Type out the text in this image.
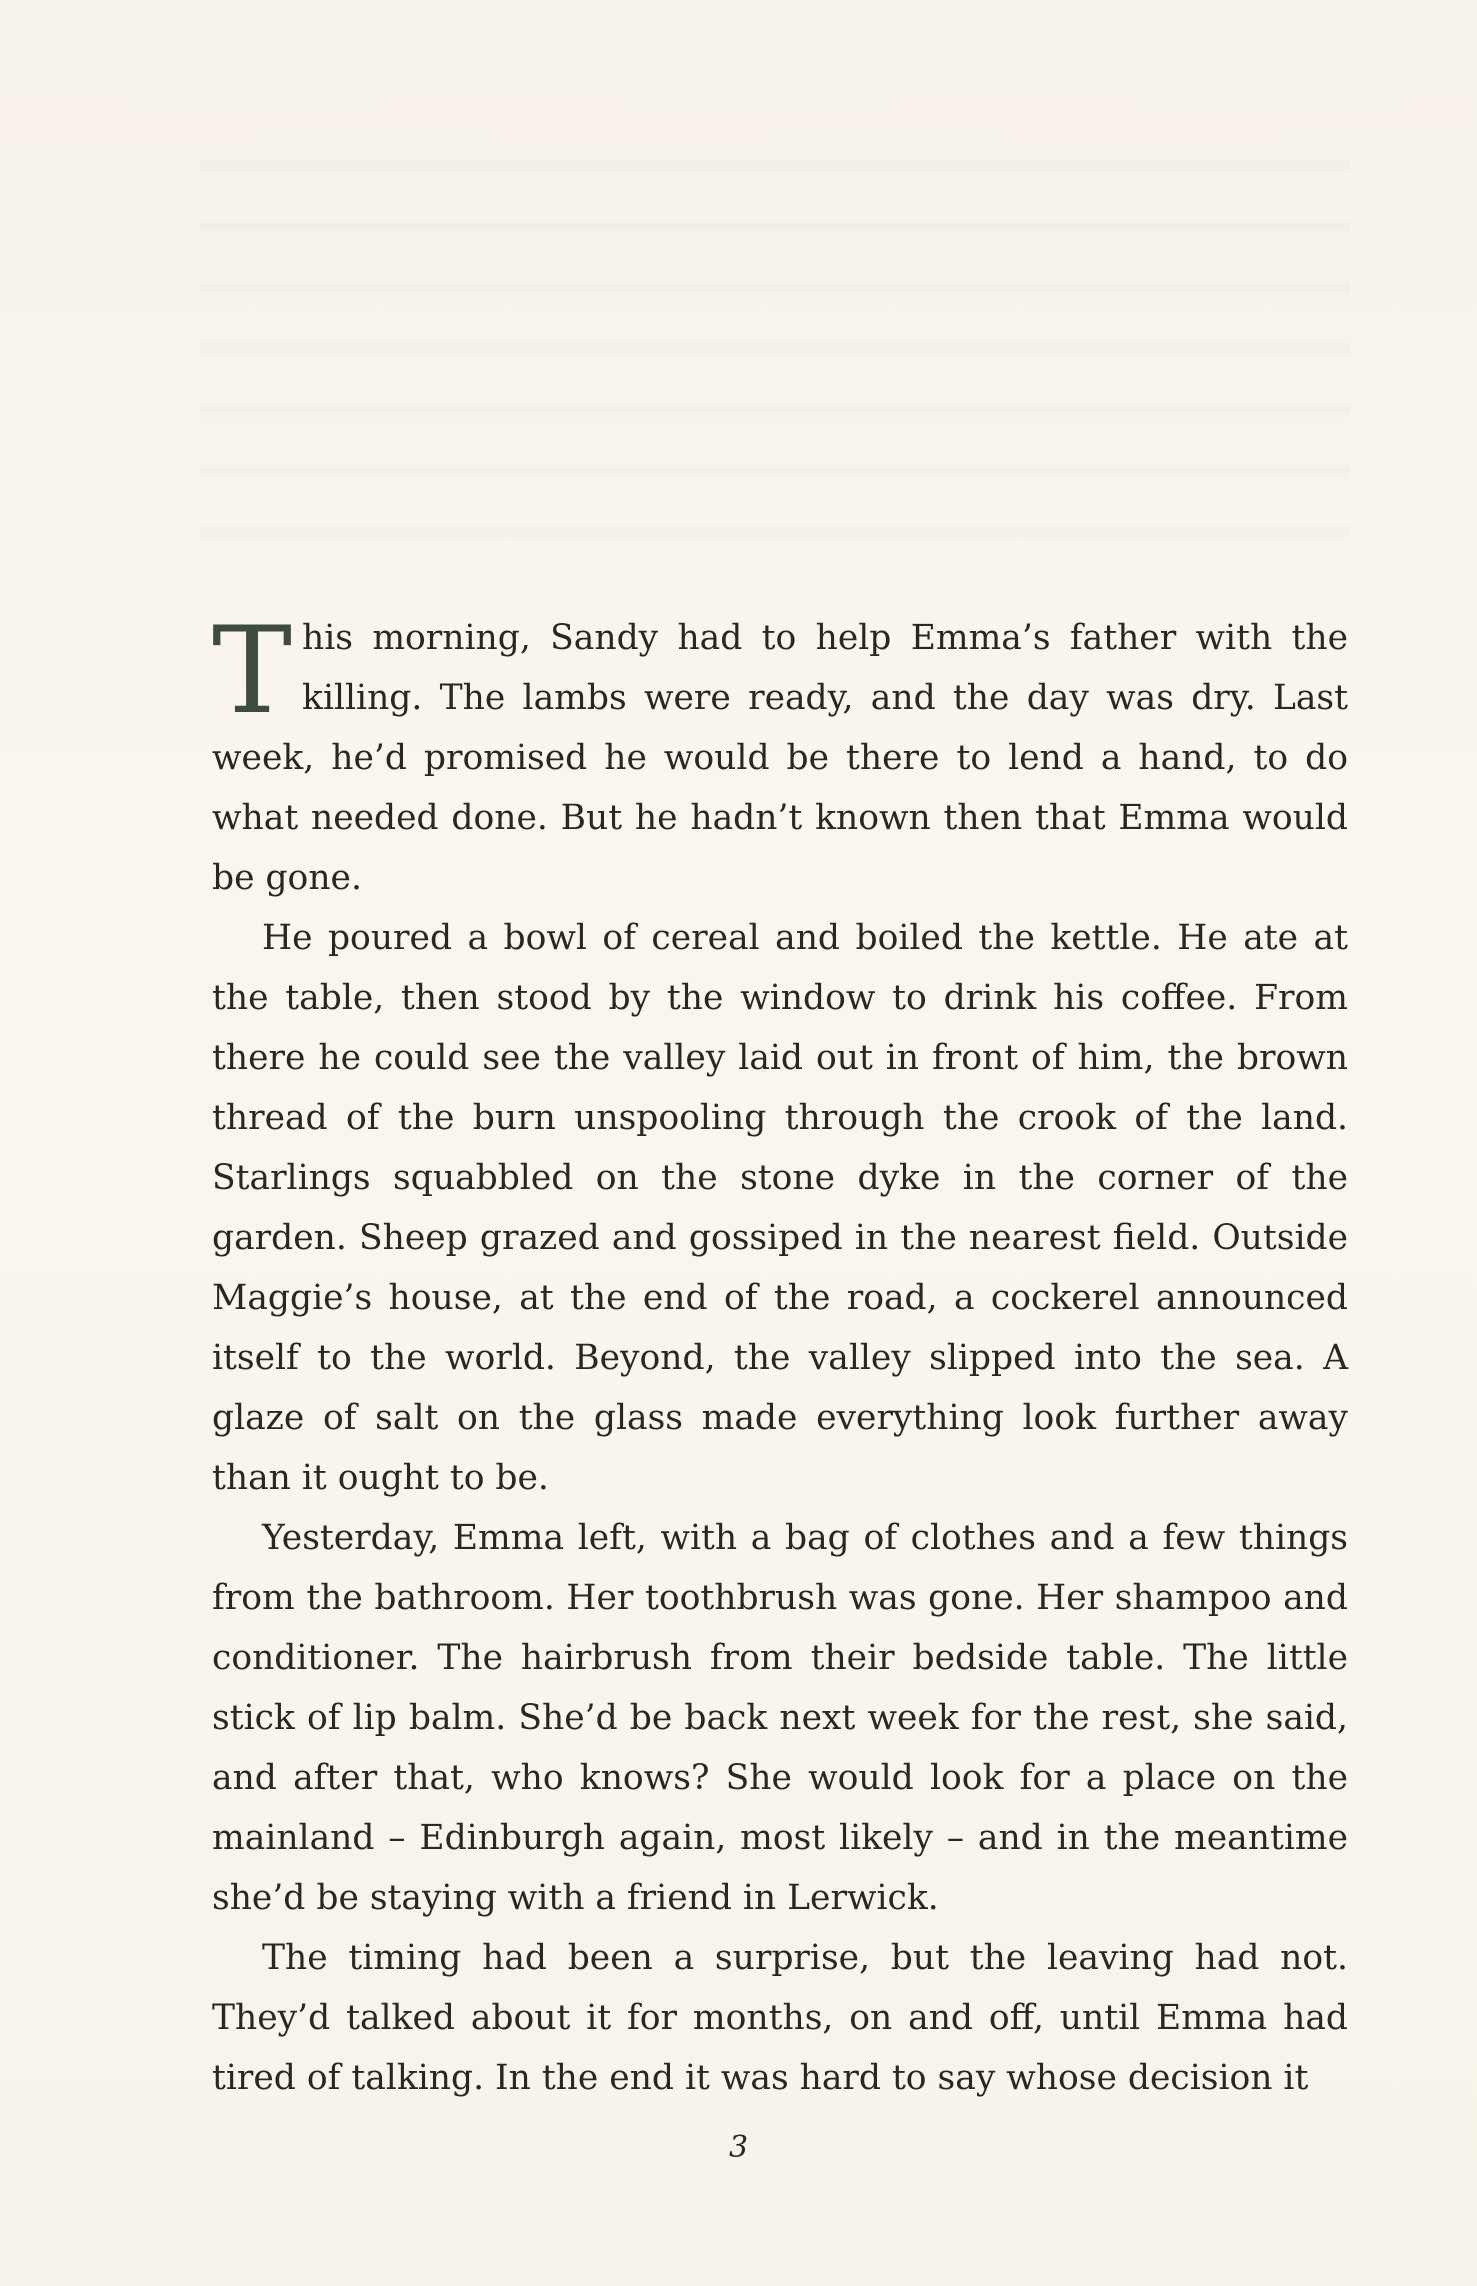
This morning, Sandy had to help Emma’s father with the killing. The lambs were ready, and the day was dry. Last week, he’d promised he would be there to lend a hand, to do what needed done. But he hadn’t known then that Emma would be gone.

He poured a bowl of cereal and boiled the kettle. He ate at the table, then stood by the window to drink his coffee. From there he could see the valley laid out in front of him, the brown thread of the burn unspooling through the crook of the land. Starlings squabbled on the stone dyke in the corner of the garden. Sheep grazed and gossiped in the nearest field. Outside Maggie’s house, at the end of the road, a cockerel announced itself to the world. Beyond, the valley slipped into the sea. A glaze of salt on the glass made everything look further away than it ought to be.

Yesterday, Emma left, with a bag of clothes and a few things from the bathroom. Her toothbrush was gone. Her shampoo and conditioner. The hairbrush from their bedside table. The little stick of lip balm. She’d be back next week for the rest, she said, and after that, who knows? She would look for a place on the mainland – Edinburgh again, most likely – and in the meantime she’d be staying with a friend in Lerwick.

The timing had been a surprise, but the leaving had not. They’d talked about it for months, on and off, until Emma had tired of talking. In the end it was hard to say whose decision it

3
